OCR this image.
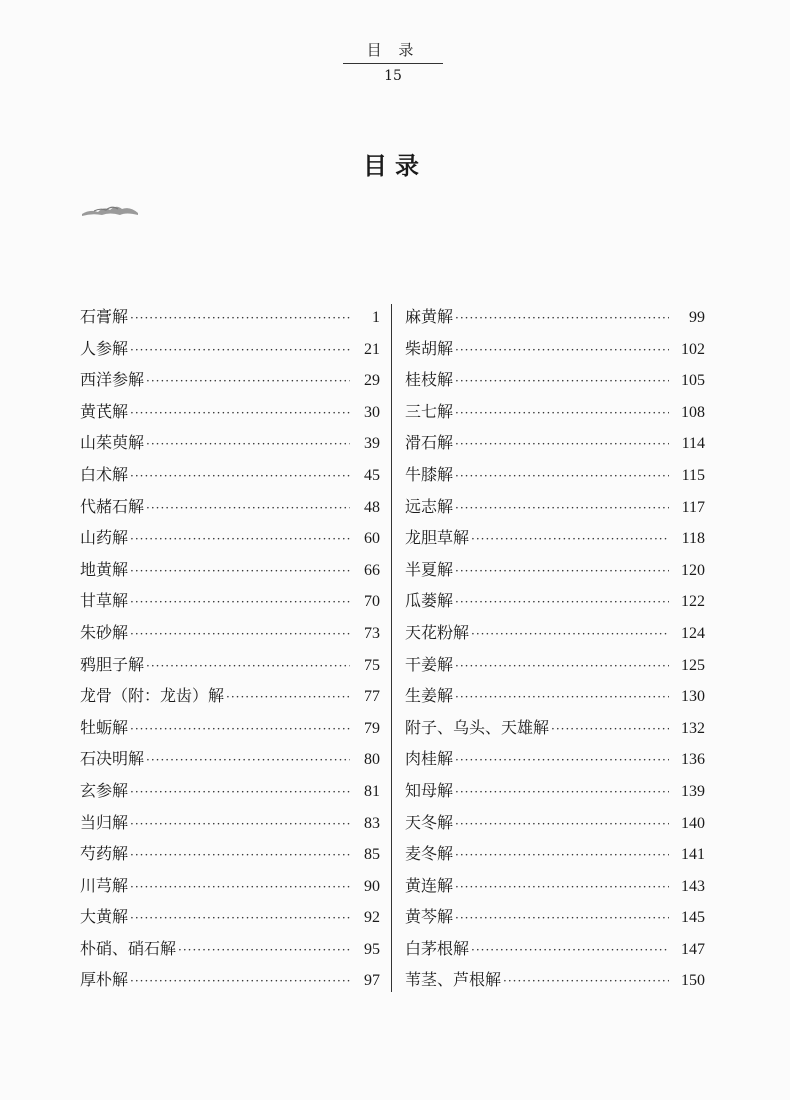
目 录
15
目录
石膏解 ·····	1
人参解 ·····	21
西洋参解 ·····	29
黄芪解 ·····	30
山茱萸解 ·····	39
白术解 ·····	45
代赭石解 ·····	48
山药解 ·····	60
地黄解 ·····	66
甘草解 ·····	70
朱砂解 ·····	73
鸦胆子解 ·····	75
龙骨（附：龙齿）解 ·····	77
牡蛎解 ·····	79
石决明解 ·····	80
玄参解 ·····	81
当归解 ·····	83
芍药解 ·····	85
川芎解 ·····	90
大黄解 ·····	92
朴硝、硝石解 ·····	95
厚朴解 ·····	97
麻黄解 ·····	99
柴胡解 ·····	102
桂枝解 ·····	105
三七解 ·····	108
滑石解 ·····	114
牛膝解 ·····	115
远志解 ·····	117
龙胆草解 ·····	118
半夏解 ·····	120
瓜蒌解 ·····	122
天花粉解 ·····	124
干姜解 ·····	125
生姜解 ·····	130
附子、乌头、天雄解 ·····	132
肉桂解 ·····	136
知母解 ·····	139
天冬解 ·····	140
麦冬解 ·····	141
黄连解 ·····	143
黄芩解 ·····	145
白茅根解 ·····	147
苇茎、芦根解 ·····	150
